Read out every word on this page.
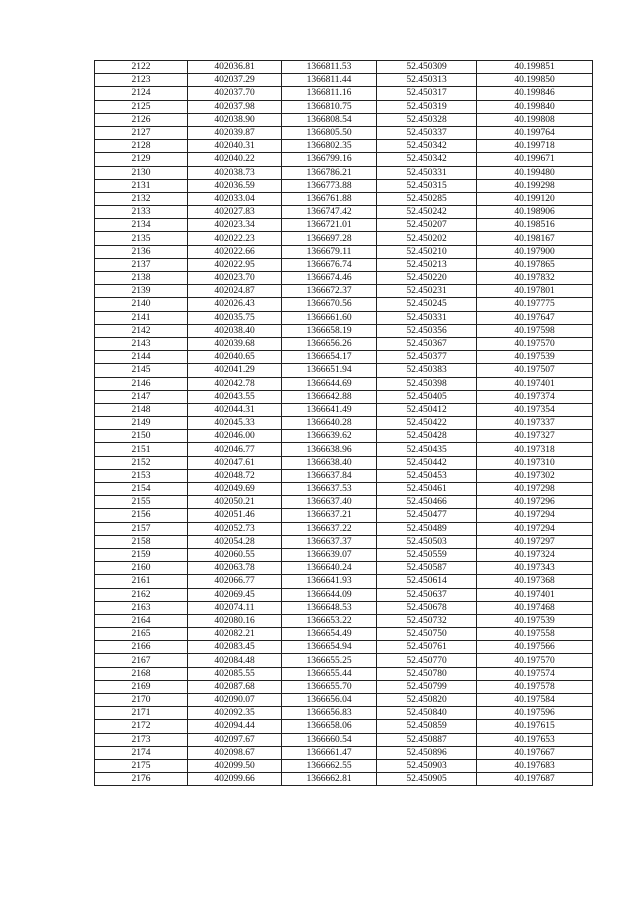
2122	402036.81	1366811.53	52.450309	40.199851
2123	402037.29	1366811.44	52.450313	40.199850
2124	402037.70	1366811.16	52.450317	40.199846
2125	402037.98	1366810.75	52.450319	40.199840
2126	402038.90	1366808.54	52.450328	40.199808
2127	402039.87	1366805.50	52.450337	40.199764
2128	402040.31	1366802.35	52.450342	40.199718
2129	402040.22	1366799.16	52.450342	40.199671
2130	402038.73	1366786.21	52.450331	40.199480
2131	402036.59	1366773.88	52.450315	40.199298
2132	402033.04	1366761.88	52.450285	40.199120
2133	402027.83	1366747.42	52.450242	40.198906
2134	402023.34	1366721.01	52.450207	40.198516
2135	402022.23	1366697.28	52.450202	40.198167
2136	402022.66	1366679.11	52.450210	40.197900
2137	402022.95	1366676.74	52.450213	40.197865
2138	402023.70	1366674.46	52.450220	40.197832
2139	402024.87	1366672.37	52.450231	40.197801
2140	402026.43	1366670.56	52.450245	40.197775
2141	402035.75	1366661.60	52.450331	40.197647
2142	402038.40	1366658.19	52.450356	40.197598
2143	402039.68	1366656.26	52.450367	40.197570
2144	402040.65	1366654.17	52.450377	40.197539
2145	402041.29	1366651.94	52.450383	40.197507
2146	402042.78	1366644.69	52.450398	40.197401
2147	402043.55	1366642.88	52.450405	40.197374
2148	402044.31	1366641.49	52.450412	40.197354
2149	402045.33	1366640.28	52.450422	40.197337
2150	402046.00	1366639.62	52.450428	40.197327
2151	402046.77	1366638.96	52.450435	40.197318
2152	402047.61	1366638.40	52.450442	40.197310
2153	402048.72	1366637.84	52.450453	40.197302
2154	402049.69	1366637.53	52.450461	40.197298
2155	402050.21	1366637.40	52.450466	40.197296
2156	402051.46	1366637.21	52.450477	40.197294
2157	402052.73	1366637.22	52.450489	40.197294
2158	402054.28	1366637.37	52.450503	40.197297
2159	402060.55	1366639.07	52.450559	40.197324
2160	402063.78	1366640.24	52.450587	40.197343
2161	402066.77	1366641.93	52.450614	40.197368
2162	402069.45	1366644.09	52.450637	40.197401
2163	402074.11	1366648.53	52.450678	40.197468
2164	402080.16	1366653.22	52.450732	40.197539
2165	402082.21	1366654.49	52.450750	40.197558
2166	402083.45	1366654.94	52.450761	40.197566
2167	402084.48	1366655.25	52.450770	40.197570
2168	402085.55	1366655.44	52.450780	40.197574
2169	402087.68	1366655.70	52.450799	40.197578
2170	402090.07	1366656.04	52.450820	40.197584
2171	402092.35	1366656.83	52.450840	40.197596
2172	402094.44	1366658.06	52.450859	40.197615
2173	402097.67	1366660.54	52.450887	40.197653
2174	402098.67	1366661.47	52.450896	40.197667
2175	402099.50	1366662.55	52.450903	40.197683
2176	402099.66	1366662.81	52.450905	40.197687
